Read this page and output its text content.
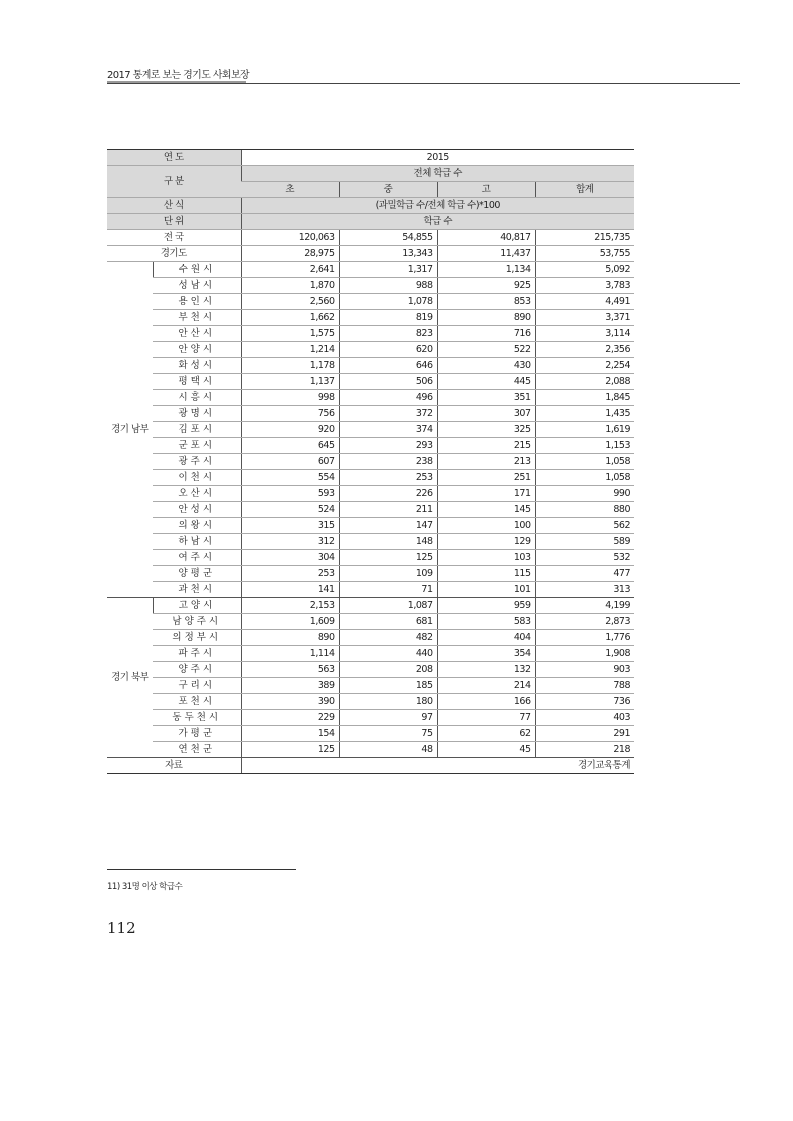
2017 통계로 보는 경기도 사회보장
연 도		2015			
구 분		전체 학급 수			
		초	중	고	합계
산 식		(과밀학급 수/전체 학급 수)*100			
단 위		학급 수			
전 국		120,063	54,855	40,817	215,735
경기도		28,975	13,343	11,437	53,755
경기 남부	수원시	2,641	1,317	1,134	5,092
	성남시	1,870	988	925	3,783
	용인시	2,560	1,078	853	4,491
	부천시	1,662	819	890	3,371
	안산시	1,575	823	716	3,114
	안양시	1,214	620	522	2,356
	화성시	1,178	646	430	2,254
	평택시	1,137	506	445	2,088
	시흥시	998	496	351	1,845
	광명시	756	372	307	1,435
	김포시	920	374	325	1,619
	군포시	645	293	215	1,153
	광주시	607	238	213	1,058
	이천시	554	253	251	1,058
	오산시	593	226	171	990
	안성시	524	211	145	880
	의왕시	315	147	100	562
	하남시	312	148	129	589
	여주시	304	125	103	532
	양평군	253	109	115	477
	과천시	141	71	101	313
경기 북부	고양시	2,153	1,087	959	4,199
	남양주시	1,609	681	583	2,873
	의정부시	890	482	404	1,776
	파주시	1,114	440	354	1,908
	양주시	563	208	132	903
	구리시	389	185	214	788
	포천시	390	180	166	736
	동두천시	229	97	77	403
	가평군	154	75	62	291
	연천군	125	48	45	218
자료		경기교육통계			
11) 31명 이상 학급수
112
